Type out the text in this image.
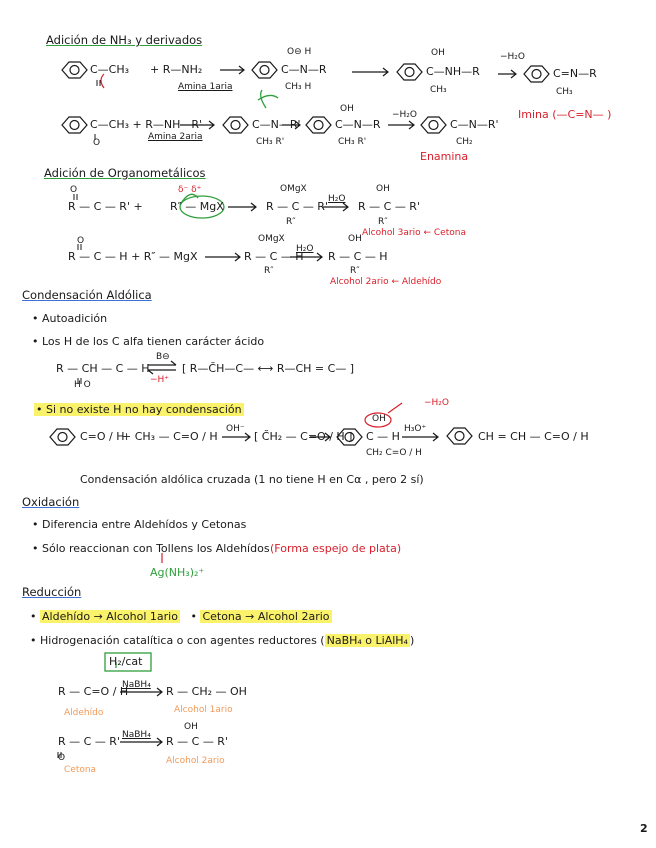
Adición de NH₃ y derivados
C—CH₃ + R—NH₂
Amina 1aria
O⊖ H
C—N—R
CH₃ H
OH
C—NH—R
CH₃
−H₂O
C=N—R
CH₃
Imina (—C=N— )
C—CH₃ + R—NH—R'
O
Amina 2aria
C—N—R'
CH₃ R'
OH
C—N—R
CH₃ R'
−H₂O
C—N—R'
CH₂
Enamina
Adición de Organometálicos
O
R — C — R' +
δ⁻ δ⁺
R″ — MgX
OMgX
R — C — R'
R″
H₂O
OH
R — C — R'
R″
Alcohol 3ario ← Cetona
O
R — C — H + R″ — MgX
OMgX
R — C — H
R″
H₂O
OH
R — C — H
R″
Alcohol 2ario ← Aldehído
Condensación Aldólica
• Autoadición
• Los H de los C alfa tienen carácter ácido
R — CH — C — H
H O
B⊖
−H⁺
[ R—C̆H—C— ⟷ R—CH = C— ]
• Si no existe H no hay condensación
C=O / H
+ CH₃ — C=O / H
OH⁻
[ C̆H₂ — C=O / H ]
OH
C — H
CH₂ C=O / H
H₃O⁺
−H₂O
CH = CH — C=O / H
Condensación aldólica cruzada (1 no tiene H en Cα , pero 2 sí)
Oxidación
• Diferencia entre Aldehídos y Cetonas
• Sólo reaccionan con Tollens los Aldehídos (Forma espejo de plata)
Ag(NH₃)₂⁺
Reducción
• Aldehído → Alcohol 1ario   • Cetona → Alcohol 2ario
• Hidrogenación catalítica o con agentes reductores ( NaBH₄ o LiAlH₄ )
H₂/cat
R — C=O / H
NaBH₄ R — CH₂ — OH
Aldehído	Alcohol 1ario
R — C — R'
O
NaBH₄
OH
R — C — R'
Cetona
Alcohol 2ario
2
